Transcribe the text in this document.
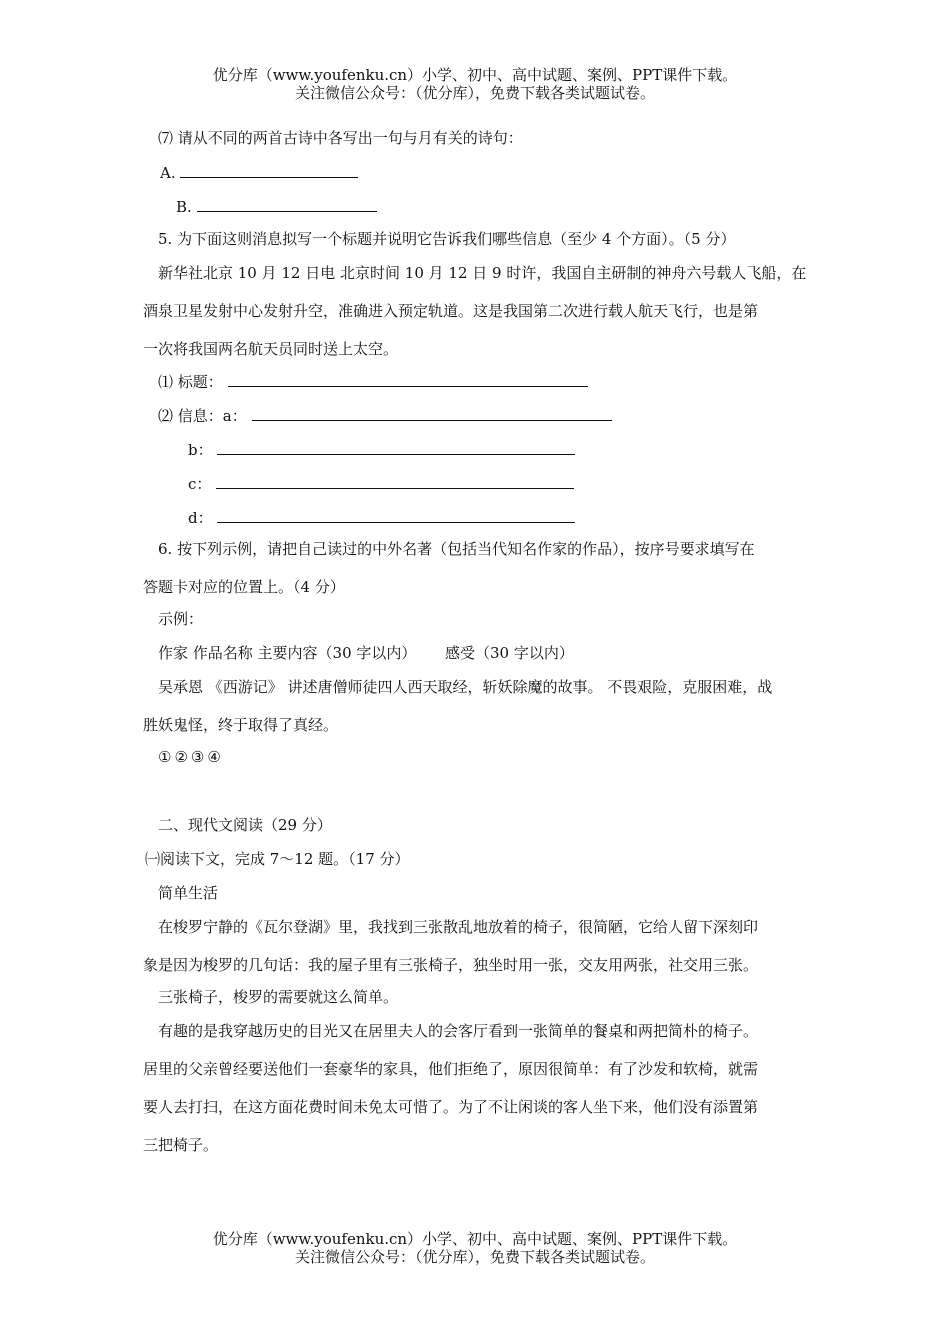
优分库（www.youfenku.cn）小学、初中、高中试题、案例、PPT课件下载。
关注微信公众号：（优分库），免费下载各类试题试卷。
⑺ 请从不同的两首古诗中各写出一句与月有关的诗句：
A.
B.
5. 为下面这则消息拟写一个标题并说明它告诉我们哪些信息（至少 4 个方面）。（5 分）
新华社北京 10 月 12 日电 北京时间 10 月 12 日 9 时许，我国自主研制的神舟六号载人飞船，在
酒泉卫星发射中心发射升空，准确进入预定轨道。这是我国第二次进行载人航天飞行，也是第
一次将我国两名航天员同时送上太空。
⑴ 标题：
⑵ 信息：a：
b：
c：
d：
6. 按下列示例，请把自己读过的中外名著（包括当代知名作家的作品），按序号要求填写在
答题卡对应的位置上。（4 分）
示例：
作家 作品名称 主要内容（30 字以内）      感受（30 字以内）
吴承恩 《西游记》 讲述唐僧师徒四人西天取经，斩妖除魔的故事。 不畏艰险，克服困难，战
胜妖鬼怪，终于取得了真经。
①②③④
二、现代文阅读（29 分）
㈠阅读下文，完成 7～12 题。（17 分）
简单生活
在梭罗宁静的《瓦尔登湖》里，我找到三张散乱地放着的椅子，很简陋，它给人留下深刻印
象是因为梭罗的几句话：我的屋子里有三张椅子，独坐时用一张，交友用两张，社交用三张。
三张椅子，梭罗的需要就这么简单。
有趣的是我穿越历史的目光又在居里夫人的会客厅看到一张简单的餐桌和两把简朴的椅子。
居里的父亲曾经要送他们一套豪华的家具，他们拒绝了，原因很简单：有了沙发和软椅，就需
要人去打扫，在这方面花费时间未免太可惜了。为了不让闲谈的客人坐下来，他们没有添置第
三把椅子。
优分库（www.youfenku.cn）小学、初中、高中试题、案例、PPT课件下载。
关注微信公众号：（优分库），免费下载各类试题试卷。
